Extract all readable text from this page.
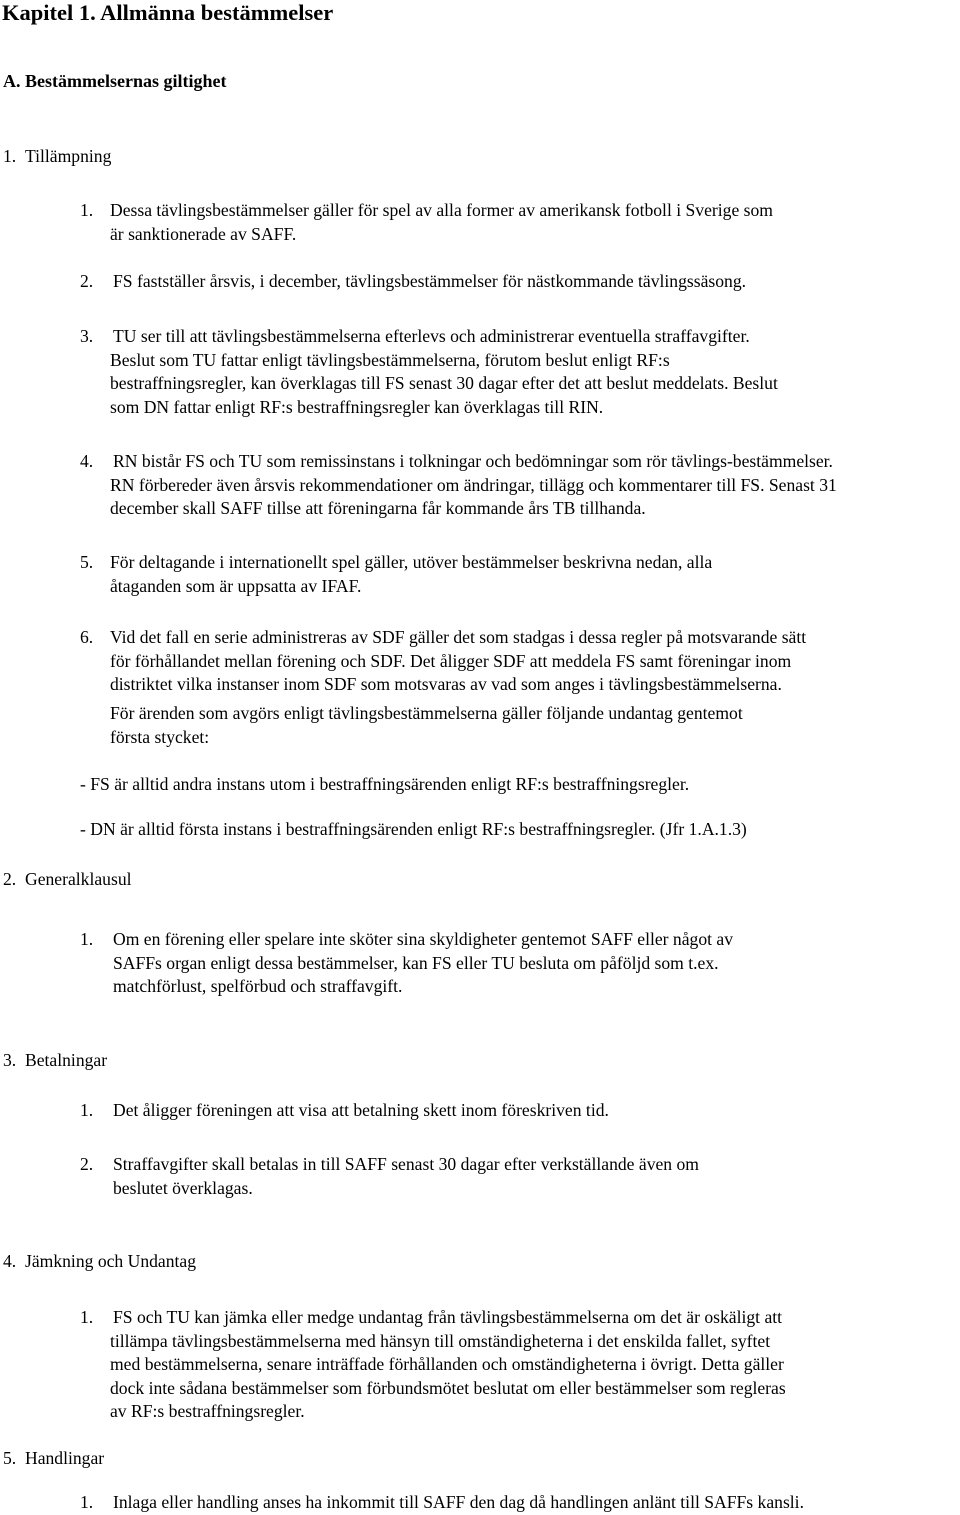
Kapitel 1. Allmänna bestämmelser
A. Bestämmelsernas giltighet
1. Tillämpning
1. Dessa tävlingsbestämmelser gäller för spel av alla former av amerikansk fotboll i Sverige som
är sanktionerade av SAFF.
2. FS fastställer årsvis, i december, tävlingsbestämmelser för nästkommande tävlingssäsong.
3. TU ser till att tävlingsbestämmelserna efterlevs och administrerar eventuella straffavgifter.
Beslut som TU fattar enligt tävlingsbestämmelserna, förutom beslut enligt RF:s
bestraffningsregler, kan överklagas till FS senast 30 dagar efter det att beslut meddelats. Beslut
som DN fattar enligt RF:s bestraffningsregler kan överklagas till RIN.
4. RN bistår FS och TU som remissinstans i tolkningar och bedömningar som rör tävlings-bestämmelser.
RN förbereder även årsvis rekommendationer om ändringar, tillägg och kommentarer till FS. Senast 31
december skall SAFF tillse att föreningarna får kommande års TB tillhanda.
5. För deltagande i internationellt spel gäller, utöver bestämmelser beskrivna nedan, alla
åtaganden som är uppsatta av IFAF.
6. Vid det fall en serie administreras av SDF gäller det som stadgas i dessa regler på motsvarande sätt
för förhållandet mellan förening och SDF. Det åligger SDF att meddela FS samt föreningar inom
distriktet vilka instanser inom SDF som motsvaras av vad som anges i tävlingsbestämmelserna.
För ärenden som avgörs enligt tävlingsbestämmelserna gäller följande undantag gentemot
första stycket:
- FS är alltid andra instans utom i bestraffningsärenden enligt RF:s bestraffningsregler.
- DN är alltid första instans i bestraffningsärenden enligt RF:s bestraffningsregler. (Jfr 1.A.1.3)
2. Generalklausul
1. Om en förening eller spelare inte sköter sina skyldigheter gentemot SAFF eller något av
SAFFs organ enligt dessa bestämmelser, kan FS eller TU besluta om påföljd som t.ex.
matchförlust, spelförbud och straffavgift.
3. Betalningar
1. Det åligger föreningen att visa att betalning skett inom föreskriven tid.
2. Straffavgifter skall betalas in till SAFF senast 30 dagar efter verkställande även om
beslutet överklagas.
4. Jämkning och Undantag
1. FS och TU kan jämka eller medge undantag från tävlingsbestämmelserna om det är oskäligt att
tillämpa tävlingsbestämmelserna med hänsyn till omständigheterna i det enskilda fallet, syftet
med bestämmelserna, senare inträffade förhållanden och omständigheterna i övrigt. Detta gäller
dock inte sådana bestämmelser som förbundsmötet beslutat om eller bestämmelser som regleras
av RF:s bestraffningsregler.
5. Handlingar
1. Inlaga eller handling anses ha inkommit till SAFF den dag då handlingen anlänt till SAFFs kansli.
